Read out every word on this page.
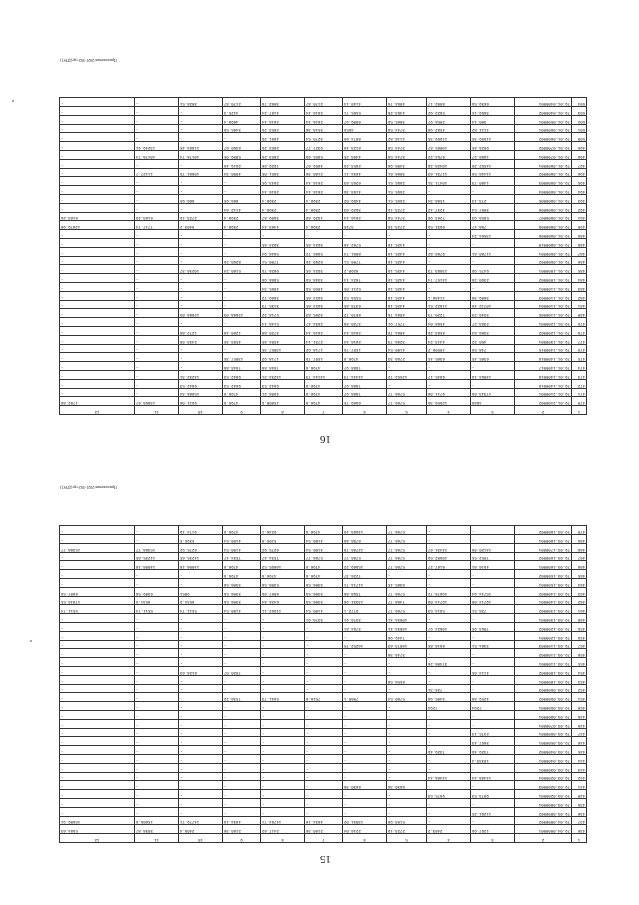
16
1	2	3	4	5	6	7	8	9	10	11	12
470	79-01-2100002	4888	12956.39	5786.77	6969.75	4796.8	15600.9	4796.8	9911.06	13898.67	1782.88
471	79-01-2100001	17343.69	9711.06	5786.77	7888.97	4796.8	4908.21	4796.8	15688.34	–	–
472	79-01-1400019	–	–	–	7888.97	4796.8	9842.53	9842.53	9842.53	–	–
473	79-01-1400018	14094.19	9845.17	12552.72	14444.73	14144.73	14234.21	9842.53	14232.31	–	–
474	79-01-1400017	–	–	–	7888.97	4796.8	7848.88	7848.88	–	–	–
475	79-01-1400016	6365.45	6365.45	2788.33	4796.8	1507.79	1718.92	13057.35	–	–	–
476	79-01-1400015	748.56	10508.2	4100.54	1507.79	1718.92	13057.35	–	–	–	–
477	79-01-1300001	450.22	4413.24	3266.73	2616.44	2721.14	4504.85	4503.35	2433.08	–	–
478	79-01-1200002	3366.64	6563.29	4084.78	2616.44	2616.44	3720.88	1280.46	1272.88	–	–
479	79-01-1200001	2383.27	4588.04	7757.91	3720.88	2834.47	5148.14	–	–	–	–
480	79-01-1100005	3346.23	7220.73	4084.78	8070.72	3265.83	5718.22	12688.03	12688.03	–	–
481	79-01-1100004	10712.46	11822.51	4425.18	6378.85	3924.65	3135.73	–	–	–	–
482	79-01-1100003	3809.36	11468.1	4425.18	5558.53	3924.65	3969.72	–	–	–	–
483	79-01-1100001	–	–	4425.18	5211.05	4050.59	4065.34	–	–	–	–
484	79-01-1000002	2390.28	14157.74	4425.18	7624.14	3348.59	5868.98	–	–	–	–
485	79-01-1000001	9475.99	13883.73	4425.18	8290.2	3924.65	9628.79	5160.24	10236.37	–	–
486	79-01-0900002	–	–	4425.18	7700.51	8290.29	7700.51	8290.29	–	–	–
487	79-01-0900001	11780.61	9766.82	4425.18	8061.74	5965.72	5846.94	–	–	–	–
488	79-01-0800010	–	–	4425.18	5762.46	3924.65	3924.65	–	–	–	–
489	79-01-0800009	13564.24	–	–	–	–	–	–	–	–	–
490	79-01-0800008	788.47	6931.59	2723.19	3745	2398.4	4463.44	2398.4	6403.2	7717.74	12679.96
491	79-01-0800007	5658.93	7263.99	3744.58	2616.44	1929.66	3909.87	2398.4	2723.19	6163.29	6163.29
492	79-01-0800006	3087.54	4237.42	2723.19	3929.63	2398.4	2398.4	4112.64	–	–	–
493	79-01-0800005	273.13	1588.34	2995.51	4499.02	2398.4	2398.4	666.95	666.95	–	–
494	79-01-0800004	–	–	2995.51	4163.39	2616.44	2616.44	–	–	–	–
495	79-01-0800003	1460.73	10471.31	2995.51	6263.83	2616.44	2643.95	–	–	–	–
496	79-01-0800002	11446.56	11731.63	3086.61	4634.11	2180.36	3851.05	4000.34	10661.79	11127.7	–
497	79-01-0800001	14592.26	10428.26	3406.98	2653.29	4859.67	1929.66	2919.46	–	–	–
498	79-01-0700001	1886.27	6794.22	3744.58	4403.25	5855.69	2653.29	5009.05	10178.74	10178.74	–
499	79-01-0700002	9628.85	10065.87	3744.58	6123.46	9327.77	2653.29	8390.67	11883.45	13249.91	–
500	79-01-0600002	11999.35	11999.35	4118.82	8074.69	3270.54	4681.29	–	–	–	–
501	79-01-0600001	1111.82	4582.96	3744.58	4959	3518.36	2653.29	3485.58	–	–	–
502	79-01-0500001	300.14	2058.97	3065.59	6009.97	2616.44	2616.44	4698.4	–	–	–
503	79-01-0400002	3699.15	5822.92	4493.26	5565.71	2616.44	4187.24	4125.3	–	–	–
504	79-01-0400001	6639.59	8002.17	4084.78	4140.14	2170.87	3062.78	2170.87	3028.51	–	–
Приложение/2021-502-пр-ДТР(1)
15
1	2	3	4	5	6	7	8	9	10	11	12
436	79-04-0000001	1297.99	2463.2	2723.19	2216.04	2180.36	2417.62	2180.36	2409.4	3036.87	5984.63
437	79-04-0000002	–	–	5103.98	13031.02	4834.16	14784.71	4834.16	14779.71	15609.9	15609.91
438	79-03-0000002	11261.25	–	–	–	–	–	–	–	–	–
439	79-03-0000001	–	–	–	–	–	–	–	–	–	–
440	79-03-0200001	9873.53	9875.53	–	–	–	–	–	–	–	–
441	79-03-0200003	–	–	8830.36	8830.36	–	–	–	–	–	–
442	79-03-0200004	14488.44	14488.44	–	–	–	–	–	–	–	–
443	79-03-0300001	–	–	–	–	–	–	–	–	–	–
444	79-03-0400001	10333.4	–	–	–	–	–	–	–	–	–
445	79-03-0400002	7329.49	7329.49	–	–	–	–	–	–	–	–
446	79-03-0500001	3697.43	–	–	–	–	–	–	–	–	–
447	79-03-0600001	2375.13	–	–	–	–	–	–	–	–	–
448	79-03-0700001	–	–	–	–	–	–	–	–	–	–
449	79-03-0800001	–	–	–	–	–	–	–	–	–	–
450	79-03-0900001	7294	7294	–	–	–	–	–	–	–	–
451	79-03-0900002	4259.88	3405.98	5780.54	7080.1	7516.6	5841.73	7536.22	–	–	–
452	79-03-0900003	–	726.31	–	–	–	–	–	–	–	–
453	79-03-1000001	–	–	6556.56	–	–	–	–	–	–	–
454	79-03-1000002	4114.65	–	–	–	–	–	7020.07	8128.63	–	–
455	79-03-1100001	–	37406.26	–	–	–	–	–	–	–	–
456	79-03-1100002	–	–	3748.36	–	–	–	–	–	–	–
457	79-03-1100003	3384.51	8816.85	16073.63	16252.75	–	–	–	–	–	–
458	79-03-1200001	–	–	7449.96	–	–	–	–	–	–	–
459	79-03-1200002	7093.95	10624.97	18034.41	3784.81	–	–	–	–	–	–
460	79-03-1300001	–	–	10634.41	3376.91	3376.91	–	–	–	–	–
461	79-03-1300002	728.51	5814.53	5786.77	9772.1	4100.54	11992.11	4100.54	5511.74	5511.74	5511.74
462	79-03-1400001	19714.08	19714.08	7488.77	13331.96	3306.58	6428.84	3306.58	6531.9	6531.9	17616.55
463	79-03-1400002	15744.94	19676.72	5786.77	7598.86	3306.58	8067.69	3306.58	9051	6309.56	6807.59
464	79-03-1500001	–	–	6365.45	11714.71	3306.58	5306.58	3306.58	–	–	–
465	79-03-1500002	–	–	–	7226.37	4796.8	4796.8	4796.8	–	–	–
466	79-03-1600001	4916.81	8167.27	5786.77	15869.22	4796.8	16695.52	4796.8	14008.16	14008.16	–
467	79-03-1600002	7052.55	10802.59	5786.77	5786.77	5786.77	7534.47	7534.47	14235.65	14235.65	–
468	79-03-1700001	14120.08	14431.67	5786.77	12788.78	4100.54	6275.92	4100.54	6275.92	15388.77	15388.77
469	79-03-1800001	–	–	5786.77	8708.86	4100.54	5105.8	4100.54	5395.5	–	–
470	79-03-1800002	–	–	5786.77	14983.49	4796.8	9246.1	4796.8	9174.19	–	–
Приложение/2021-502-пр-ДТР(1)
